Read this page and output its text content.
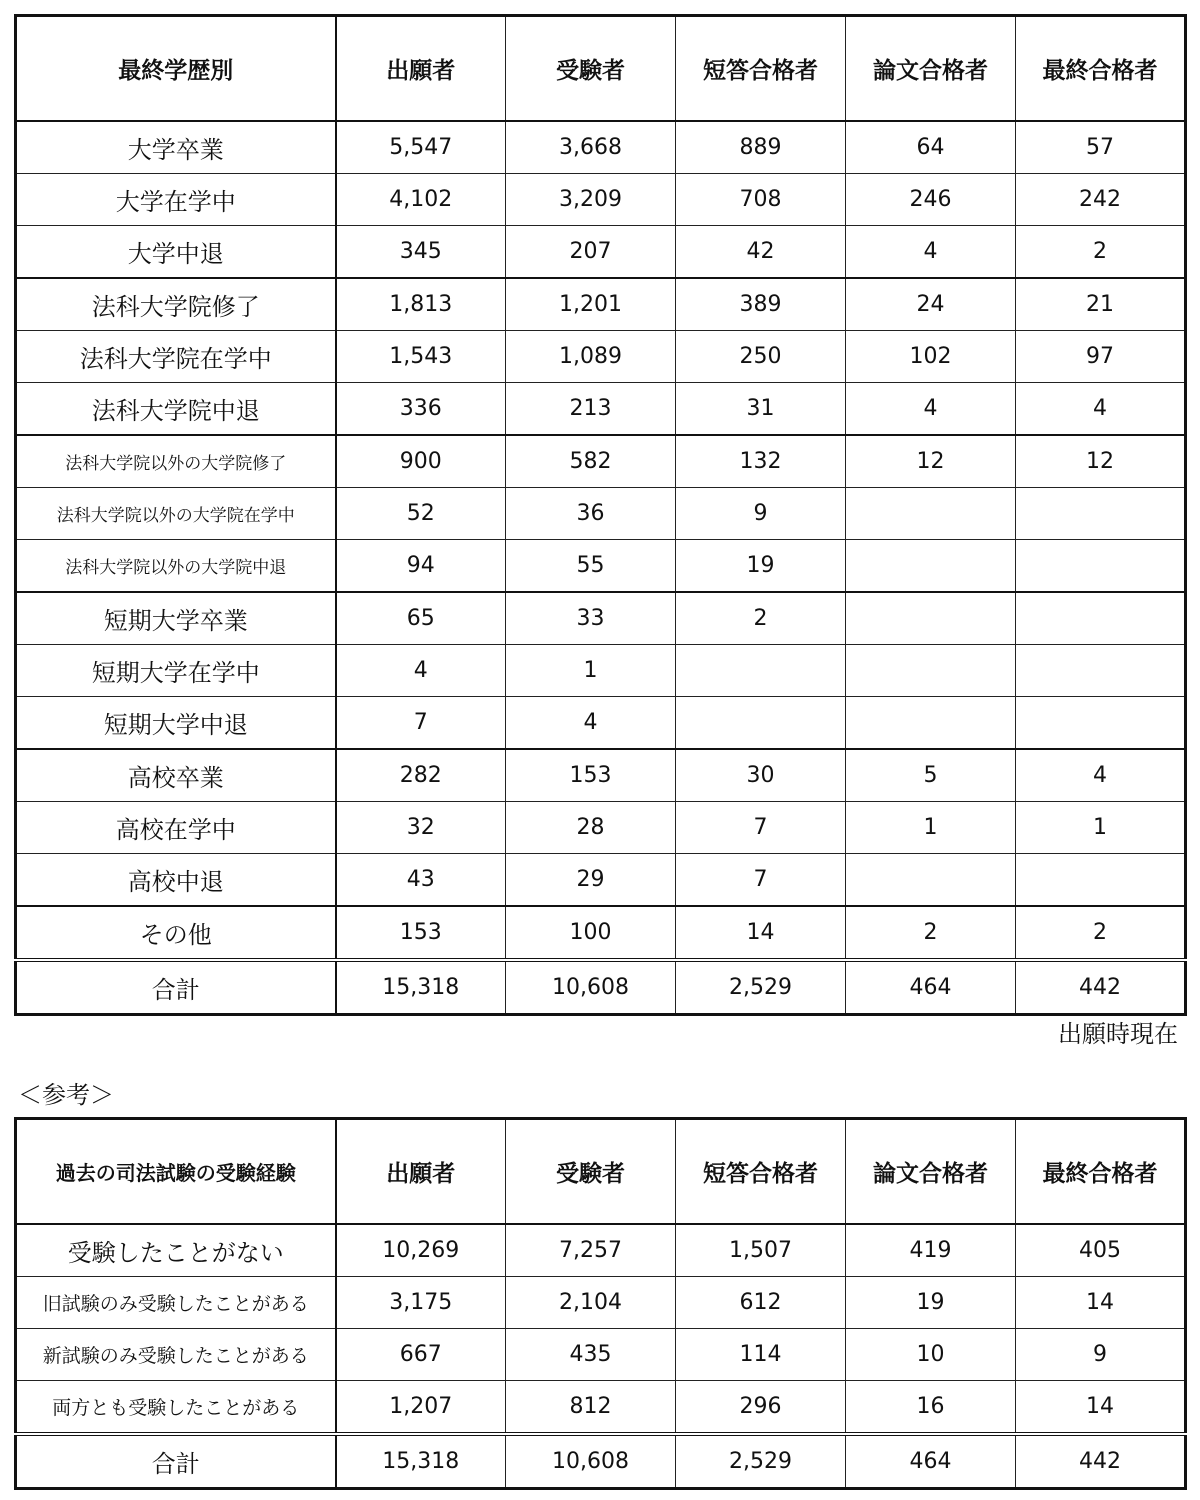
最終学歴別	出願者	受験者	短答合格者	論文合格者	最終合格者
大学卒業	5,547	3,668	889	64	57
大学在学中	4,102	3,209	708	246	242
大学中退	345	207	42	4	2
法科大学院修了	1,813	1,201	389	24	21
法科大学院在学中	1,543	1,089	250	102	97
法科大学院中退	336	213	31	4	4
法科大学院以外の大学院修了	900	582	132	12	12
法科大学院以外の大学院在学中	52	36	9		
法科大学院以外の大学院中退	94	55	19		
短期大学卒業	65	33	2		
短期大学在学中	4	1			
短期大学中退	7	4			
高校卒業	282	153	30	5	4
高校在学中	32	28	7	1	1
高校中退	43	29	7		
その他	153	100	14	2	2
合計	15,318	10,608	2,529	464	442
出願時現在
＜参考＞
過去の司法試験の受験経験	出願者	受験者	短答合格者	論文合格者	最終合格者
受験したことがない	10,269	7,257	1,507	419	405
旧試験のみ受験したことがある	3,175	2,104	612	19	14
新試験のみ受験したことがある	667	435	114	10	9
両方とも受験したことがある	1,207	812	296	16	14
合計	15,318	10,608	2,529	464	442
